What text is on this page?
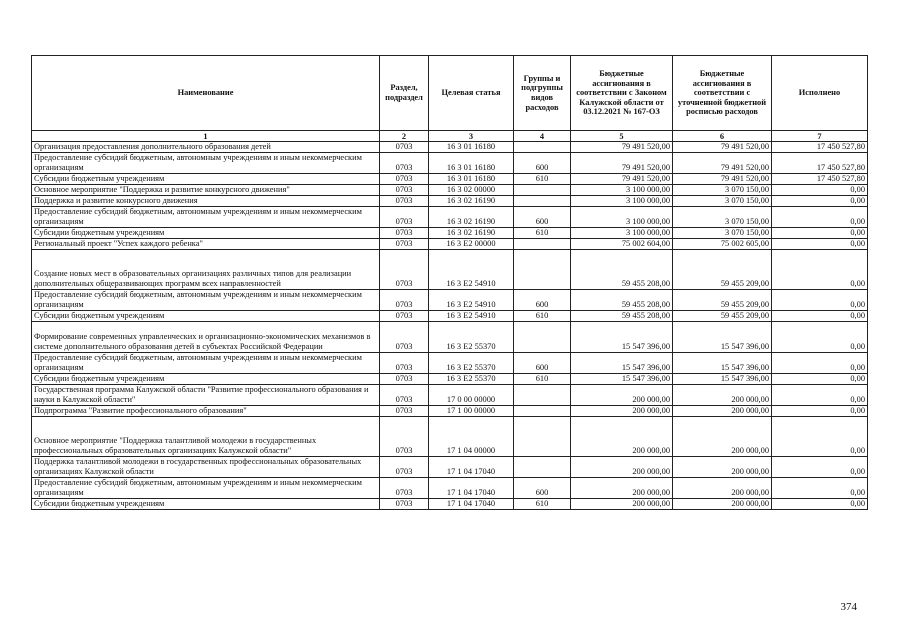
Наименование	Раздел, подраздел	Целевая статья	Группы и подгруппы видов расходов	Бюджетные ассигнования в соответствии с Законом Калужской области от 03.12.2021 № 167-ОЗ	Бюджетные ассигнования в соответствии с уточненной бюджетной росписью расходов	Исполнено
1	2	3	4	5	6	7
Организация предоставления дополнительного образования детей	0703	16 3 01 16180		79 491 520,00	79 491 520,00	17 450 527,80
Предоставление субсидий бюджетным, автономным учреждениям и иным некоммерческим организациям	0703	16 3 01 16180	600	79 491 520,00	79 491 520,00	17 450 527,80
Субсидии бюджетным учреждениям	0703	16 3 01 16180	610	79 491 520,00	79 491 520,00	17 450 527,80
Основное мероприятие "Поддержка и развитие конкурсного движения"	0703	16 3 02 00000		3 100 000,00	3 070 150,00	0,00
Поддержка и развитие конкурсного движения	0703	16 3 02 16190		3 100 000,00	3 070 150,00	0,00
Предоставление субсидий бюджетным, автономным учреждениям и иным некоммерческим организациям	0703	16 3 02 16190	600	3 100 000,00	3 070 150,00	0,00
Субсидии бюджетным учреждениям	0703	16 3 02 16190	610	3 100 000,00	3 070 150,00	0,00
Региональный проект "Успех каждого ребенка"	0703	16 3 E2 00000		75 002 604,00	75 002 605,00	0,00
Создание новых мест в образовательных организациях различных типов для реализации дополнительных общеразвивающих программ всех направленностей	0703	16 3 E2 54910		59 455 208,00	59 455 209,00	0,00
Предоставление субсидий бюджетным, автономным учреждениям и иным некоммерческим организациям	0703	16 3 E2 54910	600	59 455 208,00	59 455 209,00	0,00
Субсидии бюджетным учреждениям	0703	16 3 E2 54910	610	59 455 208,00	59 455 209,00	0,00
Формирование современных управленческих и организационно-экономических механизмов в системе дополнительного образования детей в субъектах Российской Федерации	0703	16 3 E2 55370		15 547 396,00	15 547 396,00	0,00
Предоставление субсидий бюджетным, автономным учреждениям и иным некоммерческим организациям	0703	16 3 E2 55370	600	15 547 396,00	15 547 396,00	0,00
Субсидии бюджетным учреждениям	0703	16 3 E2 55370	610	15 547 396,00	15 547 396,00	0,00
Государственная программа Калужской области "Развитие профессионального образования и науки в Калужской области"	0703	17 0 00 00000		200 000,00	200 000,00	0,00
Подпрограмма "Развитие профессионального образования"	0703	17 1 00 00000		200 000,00	200 000,00	0,00
Основное мероприятие "Поддержка талантливой молодежи в государственных профессиональных образовательных организациях Калужской области"	0703	17 1 04 00000		200 000,00	200 000,00	0,00
Поддержка талантливой молодежи в государственных профессиональных образовательных организациях Калужской области	0703	17 1 04 17040		200 000,00	200 000,00	0,00
Предоставление субсидий бюджетным, автономным учреждениям и иным некоммерческим организациям	0703	17 1 04 17040	600	200 000,00	200 000,00	0,00
Субсидии бюджетным учреждениям	0703	17 1 04 17040	610	200 000,00	200 000,00	0,00
374
